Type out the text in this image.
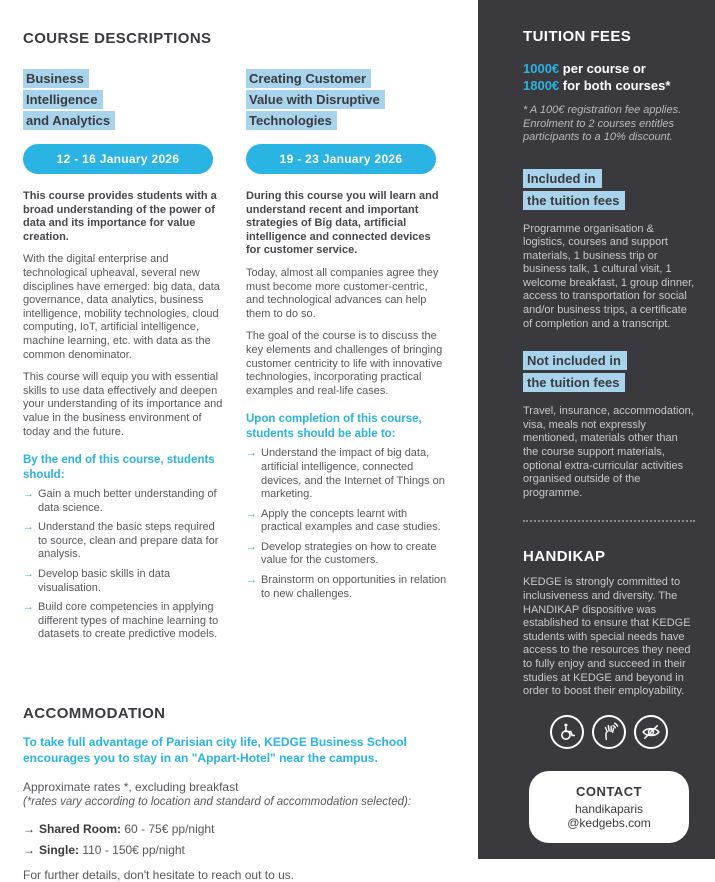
COURSE DESCRIPTIONS
Business
Intelligence
and Analytics
12 - 16 January 2026

This course provides students with a broad understanding of the power of data and its importance for value creation.

With the digital enterprise and technological upheaval, several new disciplines have emerged: big data, data governance, data analytics, business intelligence, mobility technologies, cloud computing, IoT, artificial intelligence, machine learning, etc. with data as the common denominator.

This course will equip you with essential skills to use data effectively and deepen your understanding of its importance and value in the business environment of today and the future.

By the end of this course, students should:
→ Gain a much better understanding of data science.
→ Understand the basic steps required to source, clean and prepare data for analysis.
→ Develop basic skills in data visualisation.
→ Build core competencies in applying different types of machine learning to datasets to create predictive models.
Creating Customer
Value with Disruptive
Technologies
19 - 23 January 2026

During this course you will learn and understand recent and important strategies of Big data, artificial intelligence and connected devices for customer service.

Today, almost all companies agree they must become more customer-centric, and technological advances can help them to do so.

The goal of the course is to discuss the key elements and challenges of bringing customer centricity to life with innovative technologies, incorporating practical examples and real-life cases.

Upon completion of this course, students should be able to:
→ Understand the impact of big data, artificial intelligence, connected devices, and the Internet of Things on marketing.
→ Apply the concepts learnt with practical examples and case studies.
→ Develop strategies on how to create value for the customers.
→ Brainstorm on opportunities in relation to new challenges.
ACCOMMODATION

To take full advantage of Parisian city life, KEDGE Business School encourages you to stay in an "Appart-Hotel" near the campus.

Approximate rates *, excluding breakfast
(*rates vary according to location and standard of accommodation selected):
→ Shared Room: 60 - 75€ pp/night
→ Single: 110 - 150€ pp/night
For further details, don't hesitate to reach out to us.
TUITION FEES
1000€ per course or
1800€ for both courses*

* A 100€ registration fee applies. Enrolment to 2 courses entitles participants to a 10% discount.

Included in
the tuition fees

Programme organisation & logistics, courses and support materials, 1 business trip or business talk, 1 cultural visit, 1 welcome breakfast, 1 group dinner, access to transportation for social and/or business trips, a certificate of completion and a transcript.

Not included in
the tuition fees

Travel, insurance, accommodation, visa, meals not expressly mentioned, materials other than the course support materials, optional extra-curricular activities organised outside of the programme.

HANDIKAP

KEDGE is strongly committed to inclusiveness and diversity. The HANDIKAP dispositive was established to ensure that KEDGE students with special needs have access to the resources they need to fully enjoy and succeed in their studies at KEDGE and beyond in order to boost their employability.

CONTACT
handikaparis
@kedgebs.com
